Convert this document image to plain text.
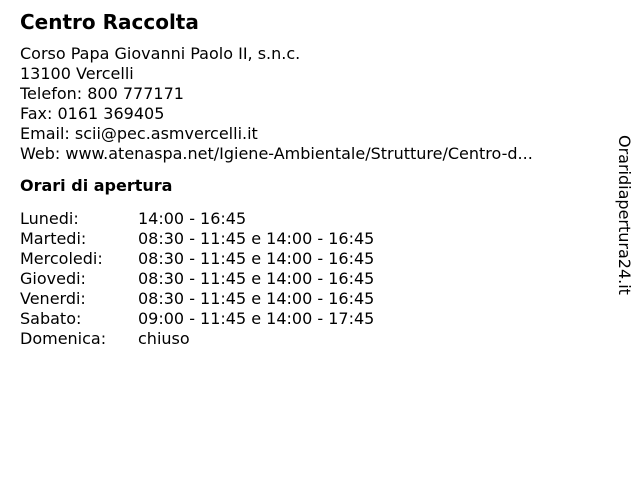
Centro Raccolta
Corso Papa Giovanni Paolo II, s.n.c.
13100 Vercelli
Telefon: 800 777171
Fax: 0161 369405
Email: scii@pec.asmvercelli.it
Web: www.atenaspa.net/Igiene-Ambientale/Strutture/Centro-d...
Orari di apertura
Lunedi:	14:00 - 16:45
Martedi:	08:30 - 11:45 e 14:00 - 16:45
Mercoledi:	08:30 - 11:45 e 14:00 - 16:45
Giovedi:	08:30 - 11:45 e 14:00 - 16:45
Venerdi:	08:30 - 11:45 e 14:00 - 16:45
Sabato:	09:00 - 11:45 e 14:00 - 17:45
Domenica:	chiuso
Oraridiapertura24.it
